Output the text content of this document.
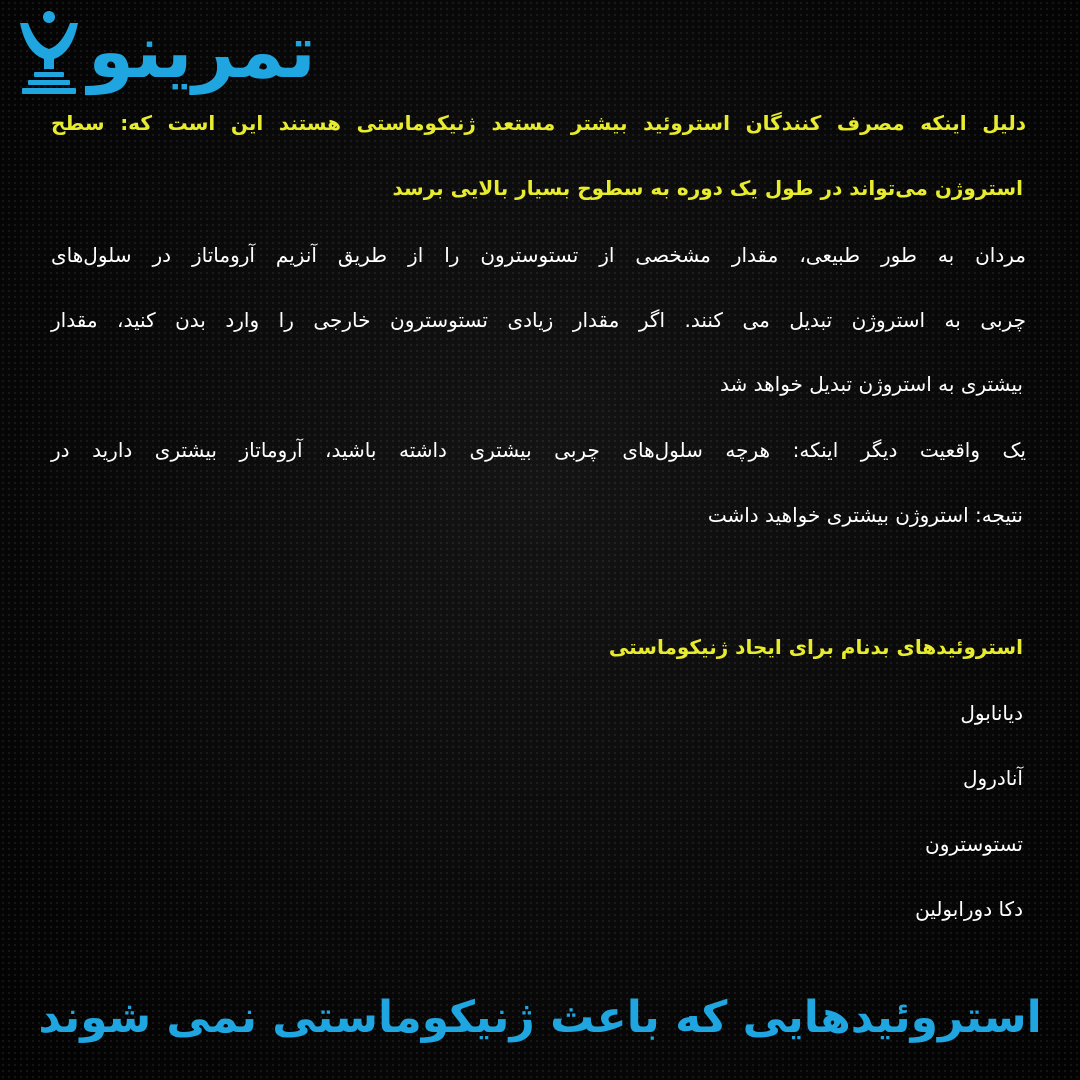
تمرینو
دلیل اینکه مصرف کنندگان استروئید بیشتر مستعد ژنیکوماستی هستند این است که: سطح
استروژن می‌تواند در طول یک دوره به سطوح بسیار بالایی برسد
مردان به طور طبیعی، مقدار مشخصی از تستوسترون را از طریق آنزیم آروماتاز در سلول‌های
چربی به استروژن تبدیل می کنند. اگر مقدار زیادی تستوسترون خارجی را وارد بدن کنید، مقدار
بیشتری به استروژن تبدیل خواهد شد
یک واقعیت دیگر اینکه: هرچه سلول‌های چربی بیشتری داشته باشید، آروماتاز بیشتری دارید در
نتیجه: استروژن بیشتری خواهید داشت
استروئیدهای بدنام برای ایجاد ژنیکوماستی
دیانابول
آنادرول
تستوسترون
دکا دورابولین
استروئیدهایی که باعث ژنیکوماستی نمی شوند
